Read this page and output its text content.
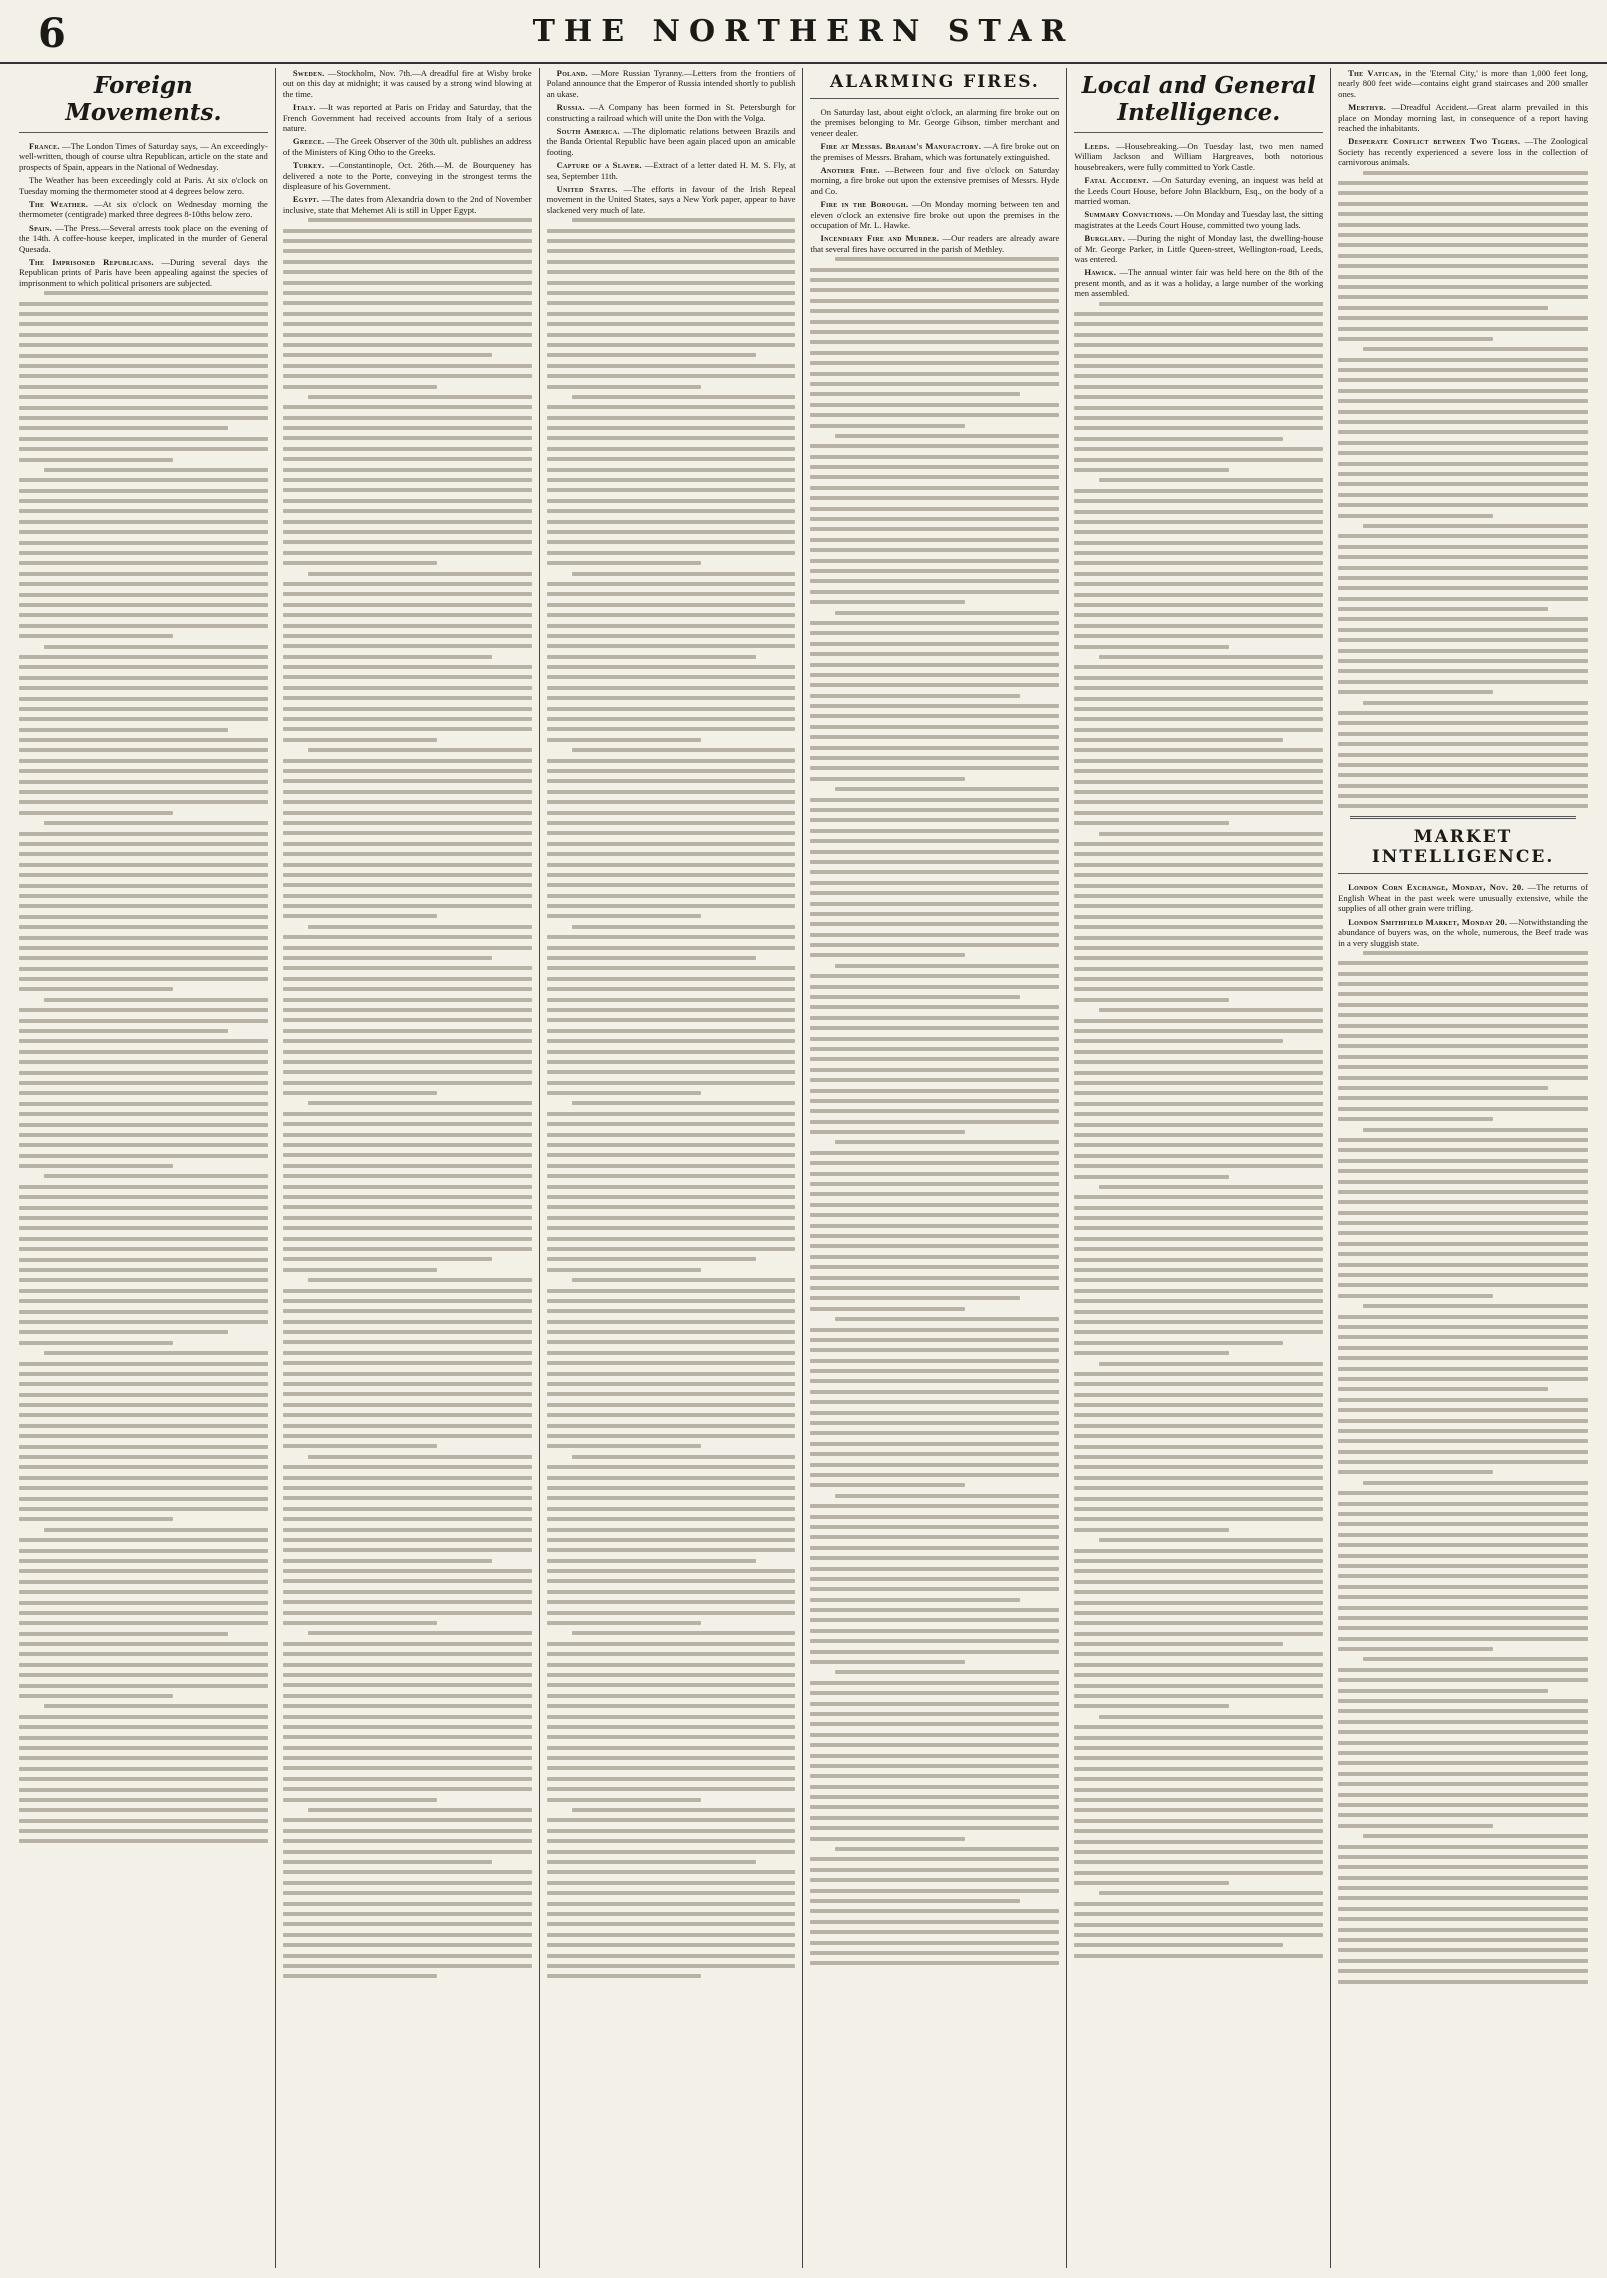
6	THE NORTHERN STAR
Foreign Movements.

France. —The London Times of Saturday says, — An exceedingly-well-written, though of course ultra Republican, article on the state and prospects of Spain, appears in the National of Wednesday.

The Weather has been exceedingly cold at Paris. At six o'clock on Tuesday morning the thermometer stood at 4 degrees below zero.

The Weather. —At six o'clock on Wednesday morning the thermometer (centigrade) marked three degrees 8-10ths below zero.

Spain. —The Press.—Several arrests took place on the evening of the 14th. A coffee-house keeper, implicated in the murder of General Quesada.

The Imprisoned Republicans. —During several days the Republican prints of Paris have been appealing against the species of imprisonment to which political prisoners are subjected.

Sweden. —Stockholm, Nov. 7th.—A dreadful fire at Wisby broke out on this day at midnight; it was caused by a strong wind blowing at the time.

Italy. —It was reported at Paris on Friday and Saturday, that the French Government had received accounts from Italy of a serious nature.

Greece. —The Greek Observer of the 30th ult. publishes an address of the Ministers of King Otho to the Greeks.

Turkey. —Constantinople, Oct. 26th.—M. de Bourqueney has delivered a note to the Porte, conveying in the strongest terms the displeasure of his Government.

Egypt. —The dates from Alexandria down to the 2nd of November inclusive, state that Mehemet Ali is still in Upper Egypt.

Poland. —More Russian Tyranny.—Letters from the frontiers of Poland announce that the Emperor of Russia intended shortly to publish an ukase.

Russia. —A Company has been formed in St. Petersburgh for constructing a railroad which will unite the Don with the Volga.

South America. —The diplomatic relations between Brazils and the Banda Oriental Republic have been again placed upon an amicable footing.

Capture of a Slaver. —Extract of a letter dated H. M. S. Fly, at sea, September 11th.

United States. —The efforts in favour of the Irish Repeal movement in the United States, says a New York paper, appear to have slackened very much of late.

ALARMING FIRES.

On Saturday last, about eight o'clock, an alarming fire broke out on the premises belonging to Mr. George Gibson, timber merchant and veneer dealer.

Fire at Messrs. Braham's Manufactory. —A fire broke out on the premises of Messrs. Braham, which was fortunately extinguished.

Another Fire. —Between four and five o'clock on Saturday morning, a fire broke out upon the extensive premises of Messrs. Hyde and Co.

Fire in the Borough. —On Monday morning between ten and eleven o'clock an extensive fire broke out upon the premises in the occupation of Mr. L. Hawke.

Incendiary Fire and Murder. —Our readers are already aware that several fires have occurred in the parish of Methley.

Local and General Intelligence.

Leeds. —Housebreaking.—On Tuesday last, two men named William Jackson and William Hargreaves, both notorious housebreakers, were fully committed to York Castle.

Fatal Accident. —On Saturday evening, an inquest was held at the Leeds Court House, before John Blackburn, Esq., on the body of a married woman.

Summary Convictions. —On Monday and Tuesday last, the sitting magistrates at the Leeds Court House, committed two young lads.

Burglary. —During the night of Monday last, the dwelling-house of Mr. George Parker, in Little Queen-street, Wellington-road, Leeds, was entered.

Hawick. —The annual winter fair was held here on the 8th of the present month, and as it was a holiday, a large number of the working men assembled.

The Vatican, in the 'Eternal City,' is more than 1,000 feet long, nearly 800 feet wide—contains eight grand staircases and 200 smaller ones.

Merthyr. —Dreadful Accident.—Great alarm prevailed in this place on Monday morning last, in consequence of a report having reached the inhabitants.

Desperate Conflict between Two Tigers. —The Zoological Society has recently experienced a severe loss in the collection of carnivorous animals.

MARKET INTELLIGENCE.

London Corn Exchange, Monday, Nov. 20. —The returns of English Wheat in the past week were unusually extensive, while the supplies of all other grain were trifling.

London Smithfield Market, Monday 20. —Notwithstanding the abundance of buyers was, on the whole, numerous, the Beef trade was in a very sluggish state.
